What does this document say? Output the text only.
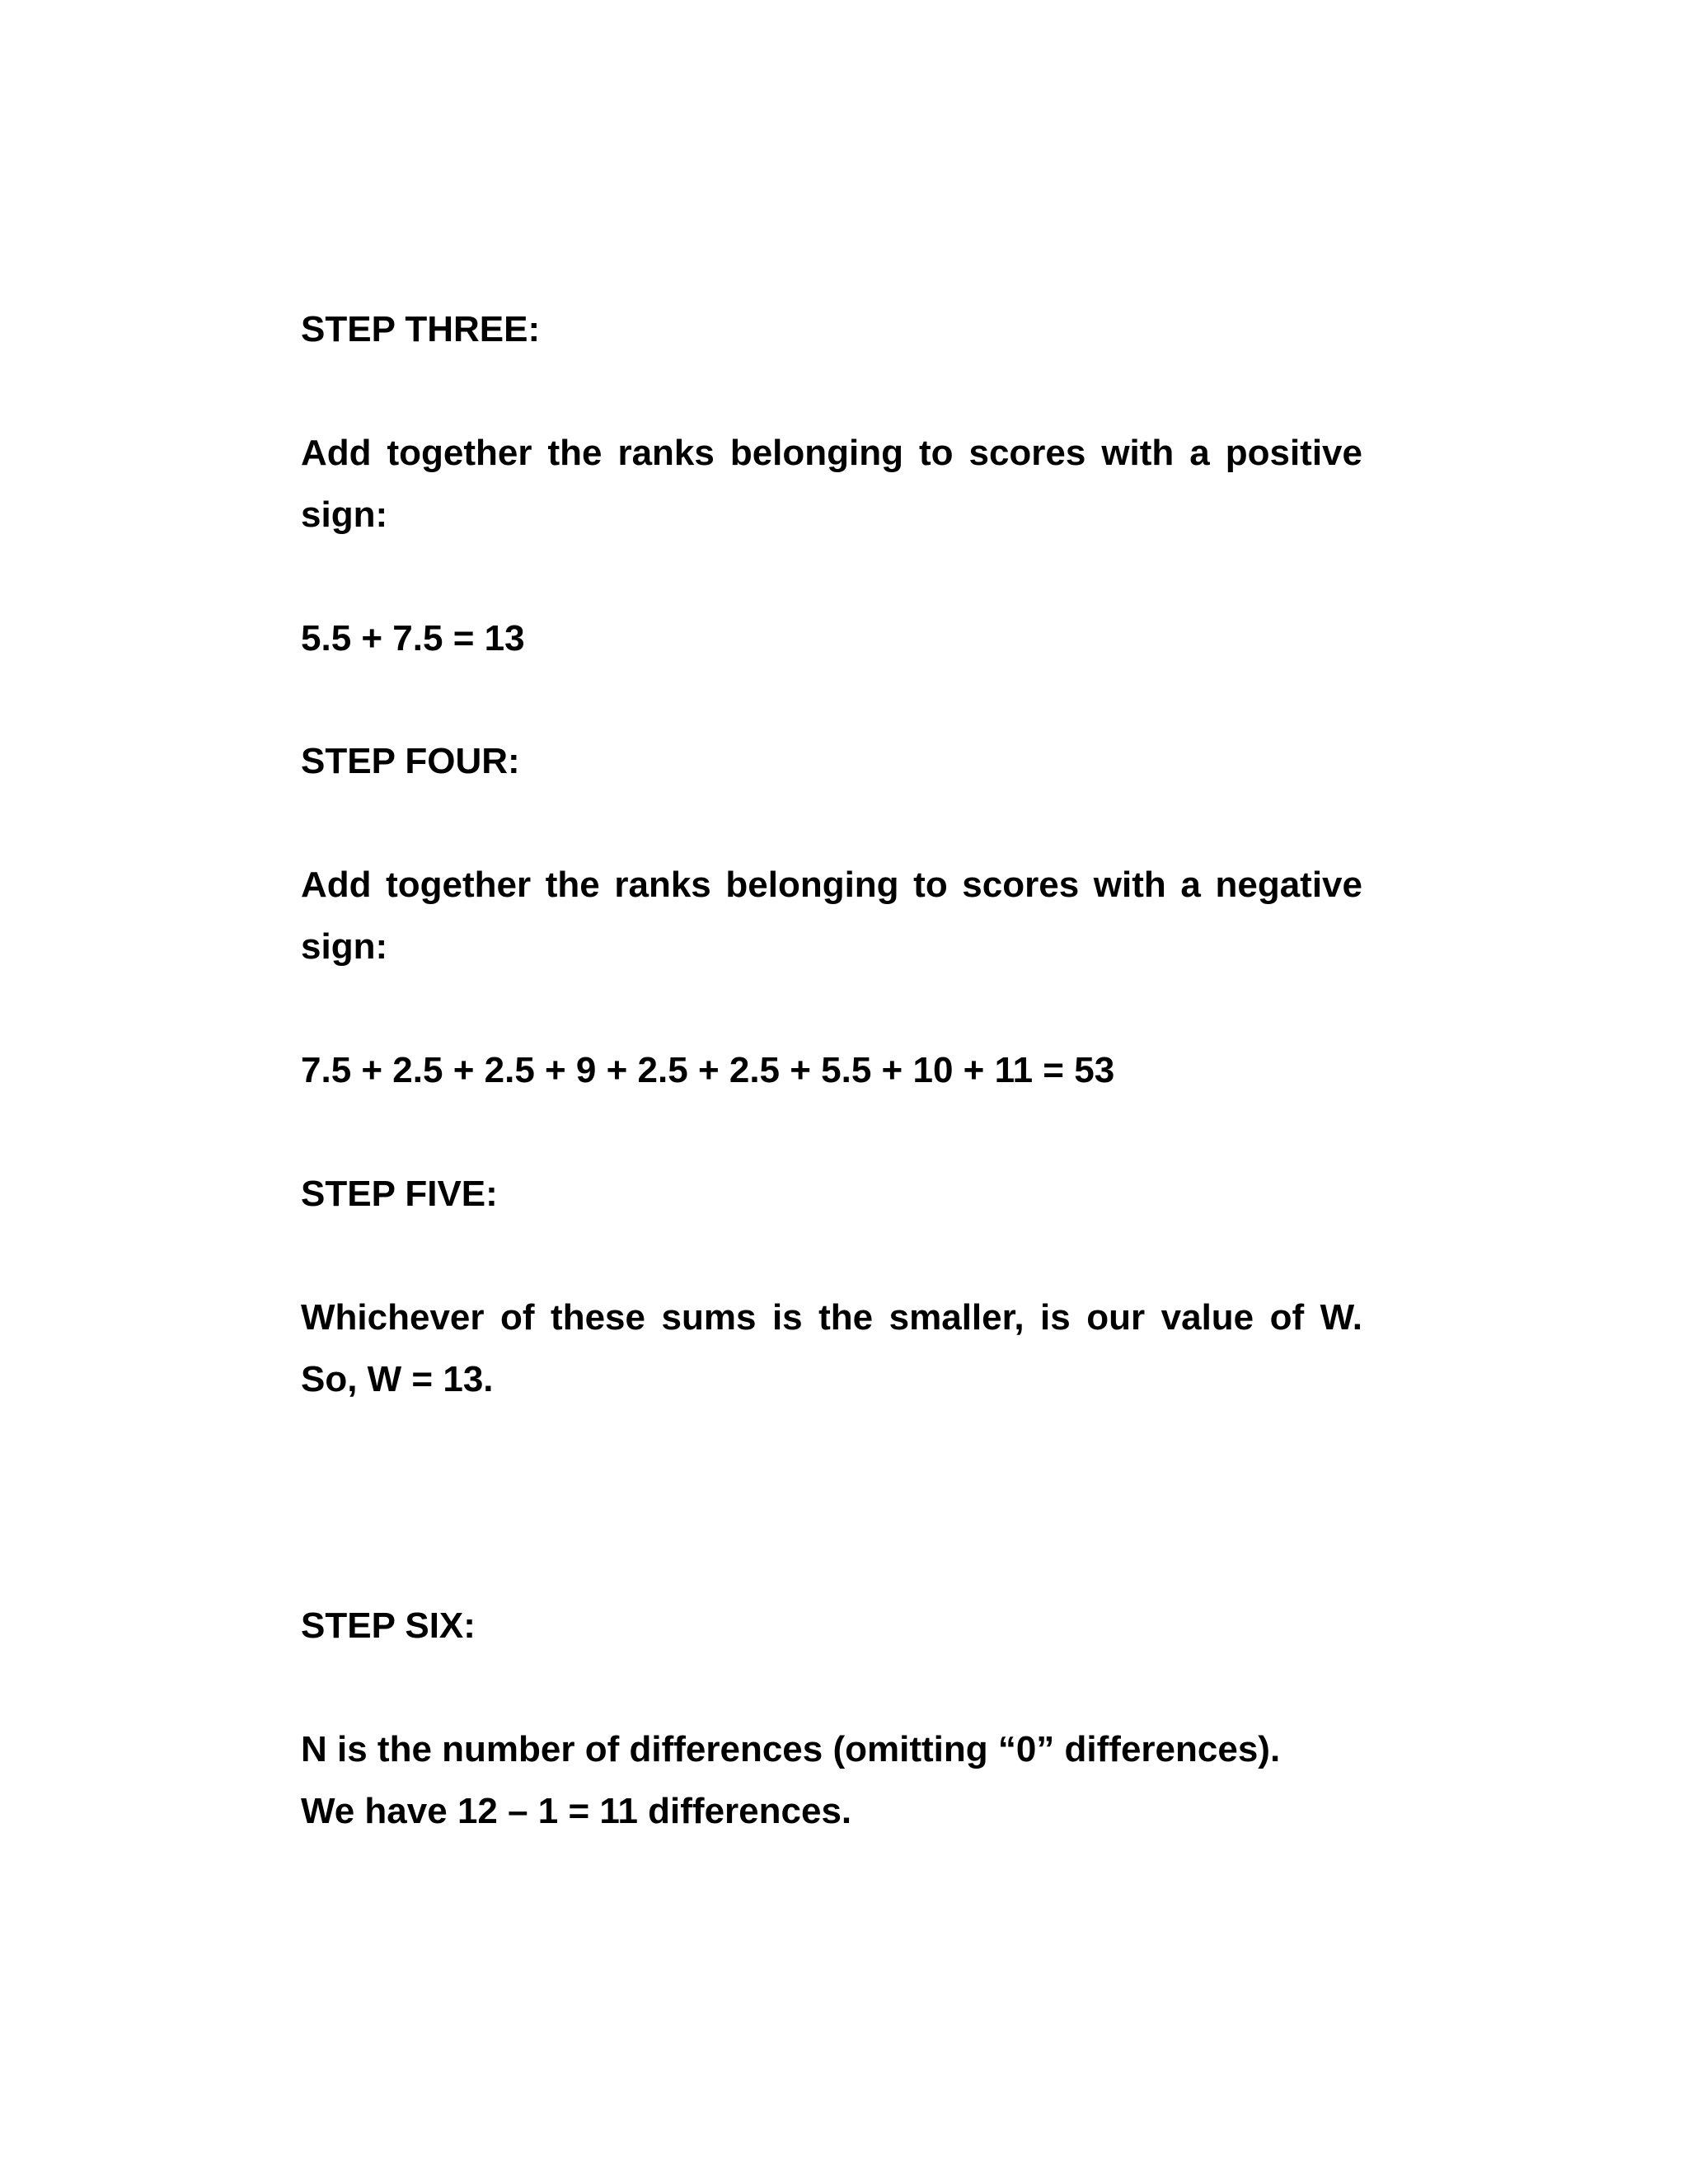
STEP THREE:
Add together the ranks belonging to scores with a positive
sign:
5.5 + 7.5 = 13
STEP FOUR:
Add together the ranks belonging to scores with a negative
sign:
7.5 + 2.5 + 2.5 + 9 + 2.5 + 2.5 + 5.5 + 10 + 11 = 53
STEP FIVE:
Whichever of these sums is the smaller, is our value of W.
So, W = 13.
STEP SIX:
N is the number of differences (omitting “0” differences).
We have 12 – 1 = 11 differences.
